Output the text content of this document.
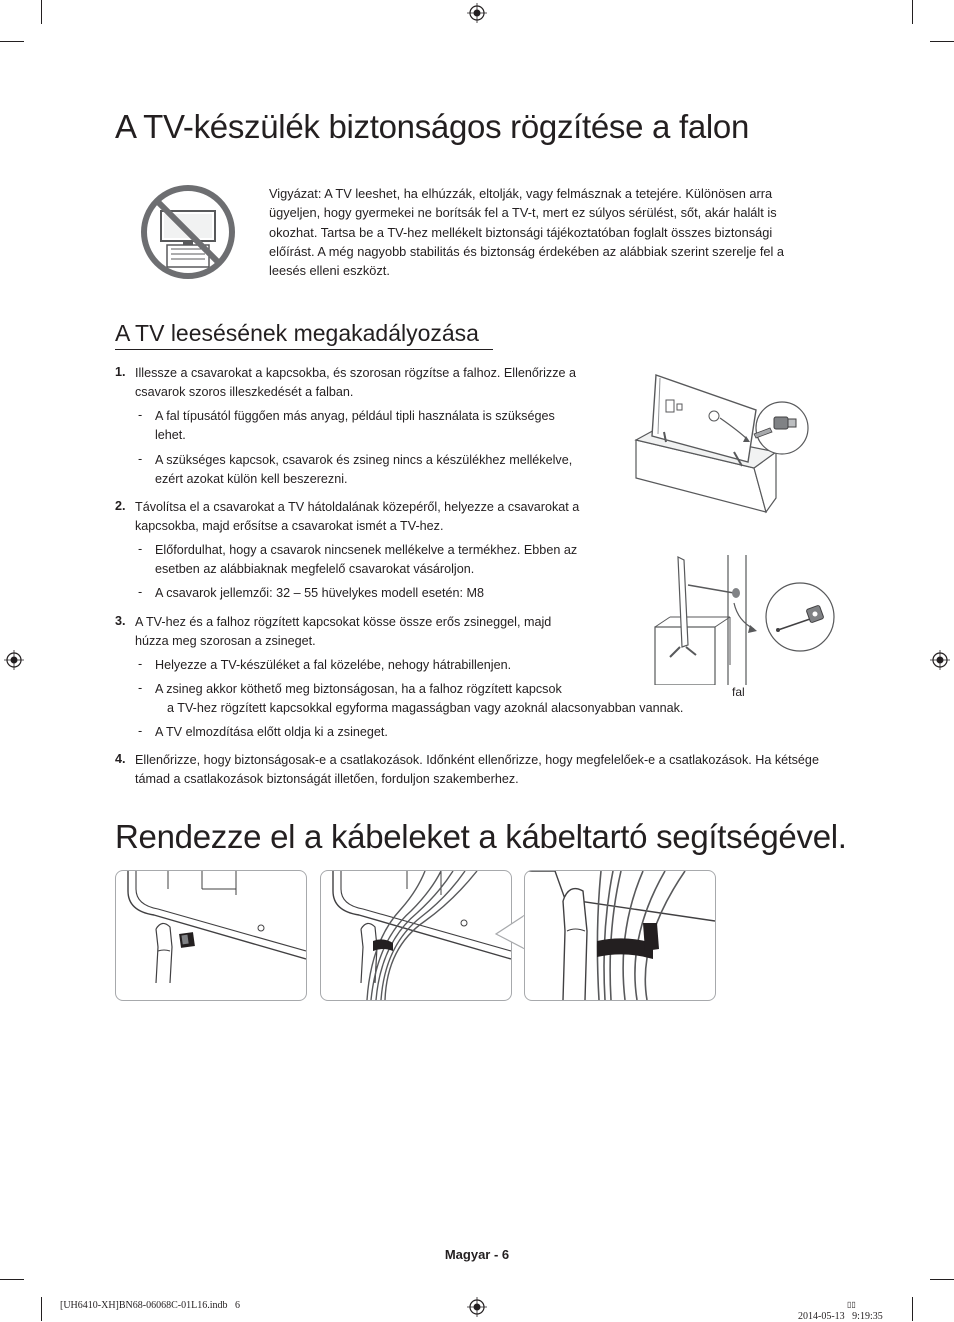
A TV-készülék biztonságos rögzítése a falon
Vigyázat: A TV leeshet, ha elhúzzák, eltolják, vagy felmásznak a tetejére. Különösen arra ügyeljen, hogy gyermekei ne borítsák fel a TV-t, mert ez súlyos sérülést, sőt, akár halált is okozhat. Tartsa be a TV-hez mellékelt biztonsági tájékoztatóban foglalt összes biztonsági előírást. A még nagyobb stabilitás és biztonság érdekében az alábbiak szerint szerelje fel a leesés elleni eszközt.
A TV leesésének megakadályozása
1. Illessze a csavarokat a kapcsokba, és szorosan rögzítse a falhoz. Ellenőrizze a csavarok szoros illeszkedését a falban.
- A fal típusától függően más anyag, például tipli használata is szükséges lehet.
- A szükséges kapcsok, csavarok és zsineg nincs a készülékhez mellékelve, ezért azokat külön kell beszerezni.
2. Távolítsa el a csavarokat a TV hátoldalának közepéről, helyezze a csavarokat a kapcsokba, majd erősítse a csavarokat ismét a TV-hez.
- Előfordulhat, hogy a csavarok nincsenek mellékelve a termékhez. Ebben az esetben az alábbiaknak megfelelő csavarokat vásároljon.
- A csavarok jellemzői: 32 – 55 hüvelykes modell esetén: M8
3. A TV-hez és a falhoz rögzített kapcsokat kösse össze erős zsineggel, majd húzza meg szorosan a zsineget.
- Helyezze a TV-készüléket a fal közelébe, nehogy hátrabillenjen.
- A zsineg akkor köthető meg biztonságosan, ha a falhoz rögzített kapcsok
a TV-hez rögzített kapcsokkal egyforma magasságban vagy azoknál alacsonyabban vannak.
- A TV elmozdítása előtt oldja ki a zsineget.
4. Ellenőrizze, hogy biztonságosak-e a csatlakozások. Időnként ellenőrizze, hogy megfelelőek-e a csatlakozások. Ha kétsége támad a csatlakozások biztonságát illetően, forduljon szakemberhez.
fal
Rendezze el a kábeleket a kábeltartó segítségével.
Magyar - 6
[UH6410-XH]BN68-06068C-01L16.indb   6

2014-05-13   9:19:35

▯▯
